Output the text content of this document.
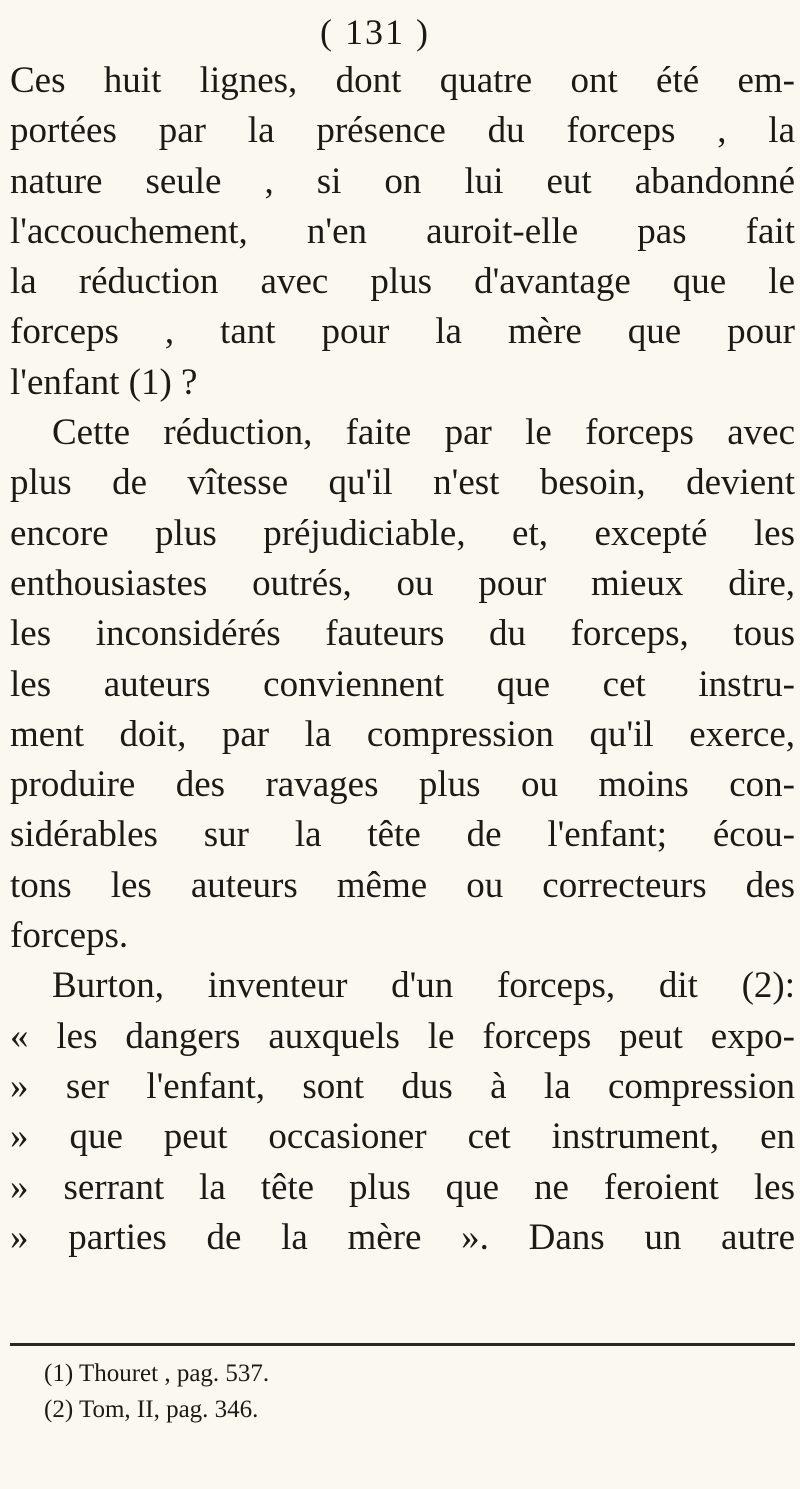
( 131 )
Ces huit lignes, dont quatre ont été em-
portées par la présence du forceps , la
nature seule , si on lui eut abandonné
l'accouchement, n'en auroit-elle pas fait
la réduction avec plus d'avantage que le
forceps , tant pour la mère que pour
l'enfant (1) ?
Cette réduction, faite par le forceps avec
plus de vîtesse qu'il n'est besoin, devient
encore plus préjudiciable, et, excepté les
enthousiastes outrés, ou pour mieux dire,
les inconsidérés fauteurs du forceps, tous
les auteurs conviennent que cet instru-
ment doit, par la compression qu'il exerce,
produire des ravages plus ou moins con-
sidérables sur la tête de l'enfant; écou-
tons les auteurs même ou correcteurs des
forceps.
Burton, inventeur d'un forceps, dit (2):
« les dangers auxquels le forceps peut expo-
» ser l'enfant, sont dus à la compression
» que peut occasioner cet instrument, en
» serrant la tête plus que ne feroient les
» parties de la mère ». Dans un autre
(1) Thouret , pag. 537.
(2) Tom, II, pag. 346.
